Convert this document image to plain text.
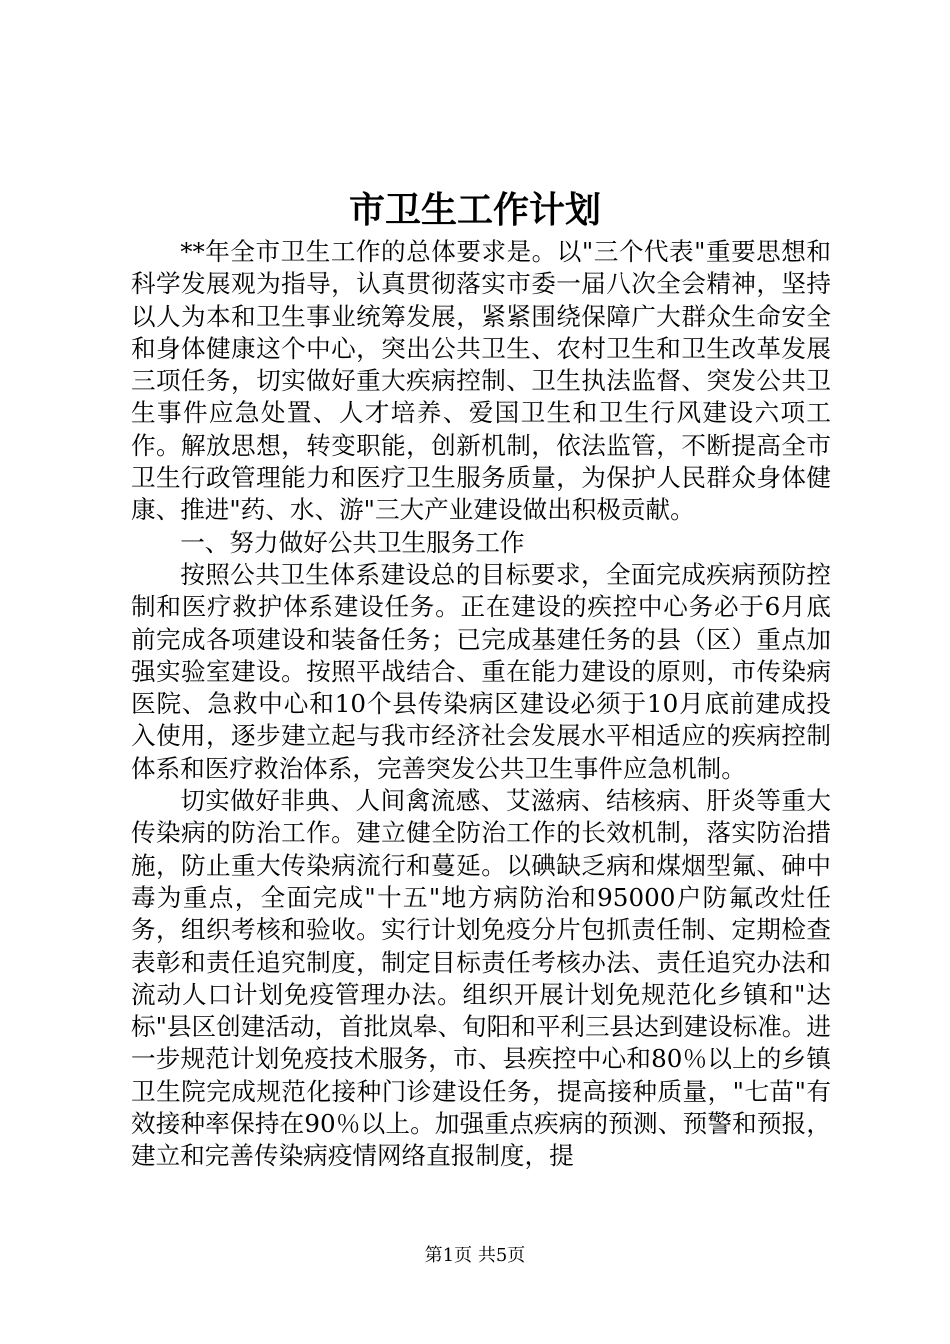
市卫生工作计划

**年全市卫生工作的总体要求是。以"三个代表"重要思想和科学发展观为指导，认真贯彻落实市委一届八次全会精神，坚持以人为本和卫生事业统筹发展，紧紧围绕保障广大群众生命安全和身体健康这个中心，突出公共卫生、农村卫生和卫生改革发展三项任务，切实做好重大疾病控制、卫生执法监督、突发公共卫生事件应急处置、人才培养、爱国卫生和卫生行风建设六项工作。解放思想，转变职能，创新机制，依法监管，不断提高全市卫生行政管理能力和医疗卫生服务质量，为保护人民群众身体健康、推进"药、水、游"三大产业建设做出积极贡献。

一、努力做好公共卫生服务工作

按照公共卫生体系建设总的目标要求，全面完成疾病预防控制和医疗救护体系建设任务。正在建设的疾控中心务必于6月底前完成各项建设和装备任务；已完成基建任务的县（区）重点加强实验室建设。按照平战结合、重在能力建设的原则，市传染病医院、急救中心和10个县传染病区建设必须于10月底前建成投入使用，逐步建立起与我市经济社会发展水平相适应的疾病控制体系和医疗救治体系，完善突发公共卫生事件应急机制。

切实做好非典、人间禽流感、艾滋病、结核病、肝炎等重大传染病的防治工作。建立健全防治工作的长效机制，落实防治措施，防止重大传染病流行和蔓延。以碘缺乏病和煤烟型氟、砷中毒为重点，全面完成"十五"地方病防治和95000户防氟改灶任务，组织考核和验收。实行计划免疫分片包抓责任制、定期检查表彰和责任追究制度，制定目标责任考核办法、责任追究办法和流动人口计划免疫管理办法。组织开展计划免规范化乡镇和"达标"县区创建活动，首批岚皋、旬阳和平利三县达到建设标准。进一步规范计划免疫技术服务，市、县疾控中心和80％以上的乡镇卫生院完成规范化接种门诊建设任务，提高接种质量，"七苗"有效接种率保持在90％以上。加强重点疾病的预测、预警和预报，建立和完善传染病疫情网络直报制度，提

第1页 共5页
